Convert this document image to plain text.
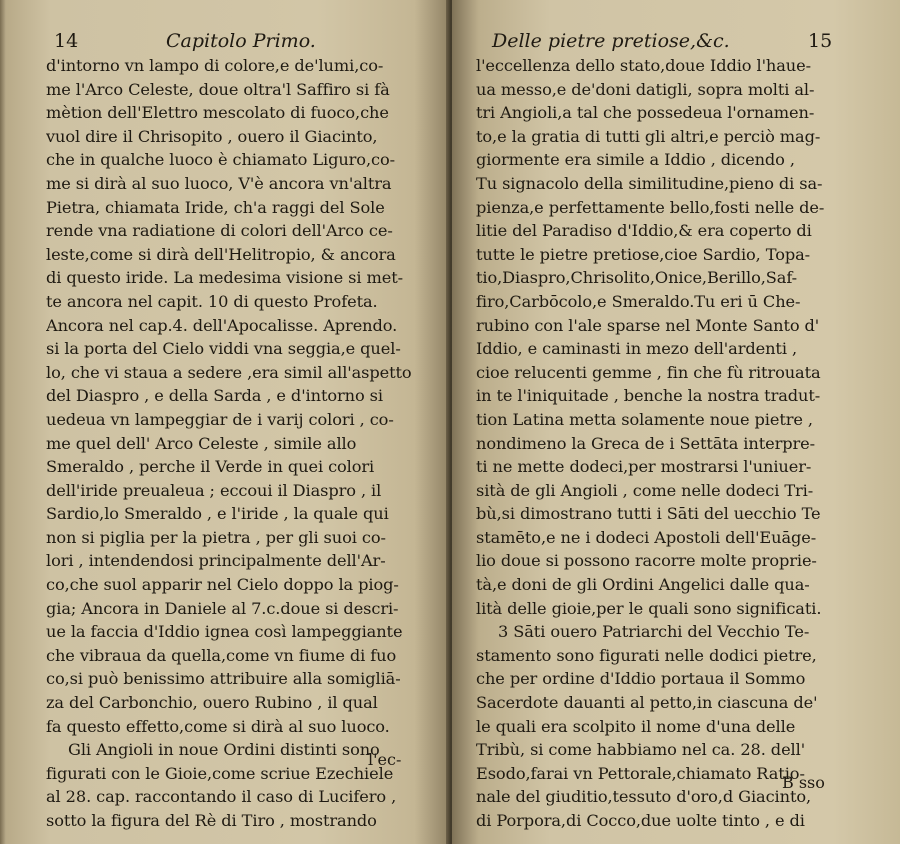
14	Capitolo Primo.
d'intorno vn lampo di colore,e de'lumi,co-
me l'Arco Celeste, doue oltra'l Saffiro si fà
mètion dell'Elettro mescolato di fuoco,che
vuol dire il Chrisopito , ouero il Giacinto,
che in qualche luoco è chiamato Liguro,co-
me si dirà al suo luoco, V'è ancora vn'altra
Pietra, chiamata Iride, ch'a raggi del Sole
rende vna radiatione di colori dell'Arco ce-
leste,come si dirà dell'Helitropio, & ancora
di questo iride. La medesima visione si met-
te ancora nel capit. 10 di questo Profeta.
Ancora nel cap.4. dell'Apocalisse. Aprendo.
si la porta del Cielo viddi vna seggia,e quel-
lo, che vi staua a sedere ,era simil all'aspetto
del Diaspro , e della Sarda , e d'intorno si
uedeua vn lampeggiar de i varij colori , co-
me quel dell' Arco Celeste , simile allo
Smeraldo , perche il Verde in quei colori
dell'iride preualeua ; eccoui il Diaspro , il
Sardio,lo Smeraldo , e l'iride , la quale qui
non si piglia per la pietra , per gli suoi co-
lori , intendendosi principalmente dell'Ar-
co,che suol apparir nel Cielo doppo la piog-
gia; Ancora in Daniele al 7.c.doue si descri-
ue la faccia d'Iddio ignea così lampeggiante
che vibraua da quella,come vn fiume di fuo
co,si può benissimo attribuire alla somigliā-
za del Carbonchio, ouero Rubino , il qual
fa questo effetto,come si dirà al suo luoco.
Gli Angioli in noue Ordini distinti sono
figurati con le Gioie,come scriue Ezechiele
al 28. cap. raccontando il caso di Lucifero ,
sotto la figura del Rè di Tiro , mostrando
l'ec-
Delle pietre pretiose,&c.	15
l'eccellenza dello stato,doue Iddio l'haue-
ua messo,e de'doni datigli, sopra molti al-
tri Angioli,a tal che possedeua l'ornamen-
to,e la gratia di tutti gli altri,e perciò mag-
giormente era simile a Iddio , dicendo ,
Tu signacolo della similitudine,pieno di sa-
pienza,e perfettamente bello,fosti nelle de-
litie del Paradiso d'Iddio,& era coperto di
tutte le pietre pretiose,cioe Sardio, Topa-
tio,Diaspro,Chrisolito,Onice,Berillo,Saf-
firo,Carbōcolo,e Smeraldo.Tu eri ū Che-
rubino con l'ale sparse nel Monte Santo d'
Iddio, e caminasti in mezo dell'ardenti ,
cioe relucenti gemme , fin che fù ritrouata
in te l'iniquitade , benche la nostra tradut-
tion Latina metta solamente noue pietre ,
nondimeno la Greca de i Settāta interpre-
ti ne mette dodeci,per mostrarsi l'uniuer-
sità de gli Angioli , come nelle dodeci Tri-
bù,si dimostrano tutti i Sāti del uecchio Te
stamēto,e ne i dodeci Apostoli dell'Euāge-
lio doue si possono racorre molte proprie-
tà,e doni de gli Ordini Angelici dalle qua-
lità delle gioie,per le quali sono significati.
3 Sāti ouero Patriarchi del Vecchio Te-
stamento sono figurati nelle dodici pietre,
che per ordine d'Iddio portaua il Sommo
Sacerdote dauanti al petto,in ciascuna de'
le quali era scolpito il nome d'una delle
Tribù, si come habbiamo nel ca. 28. dell'
Esodo,farai vn Pettorale,chiamato Ratio-
nale del giuditio,tessuto d'oro,d Giacinto,
di Porpora,di Cocco,due uolte tinto , e di
B sso
